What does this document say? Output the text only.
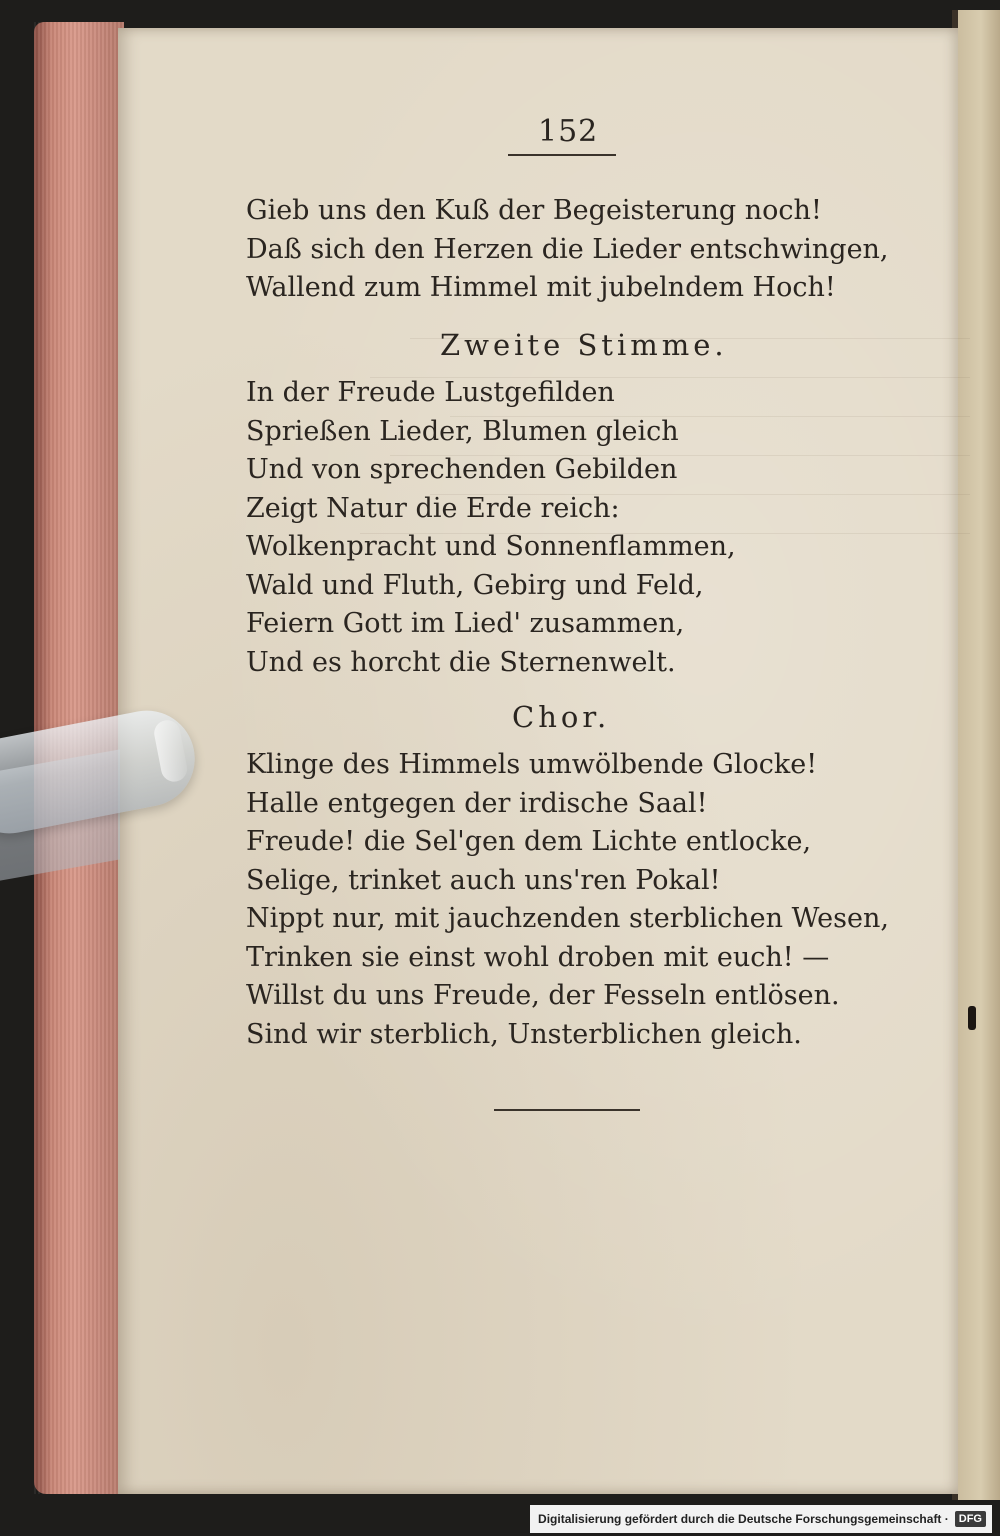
152
Gieb uns den Kuß der Begeisterung noch!
Daß sich den Herzen die Lieder entschwingen,
Wallend zum Himmel mit jubelndem Hoch!
Zweite Stimme.
In der Freude Lustgefilden
Sprießen Lieder, Blumen gleich
Und von sprechenden Gebilden
Zeigt Natur die Erde reich:
Wolkenpracht und Sonnenflammen,
Wald und Fluth, Gebirg und Feld,
Feiern Gott im Lied' zusammen,
Und es horcht die Sternenwelt.
Chor.
Klinge des Himmels umwölbende Glocke!
Halle entgegen der irdische Saal!
Freude! die Sel'gen dem Lichte entlocke,
Selige, trinket auch uns'ren Pokal!
Nippt nur, mit jauchzenden sterblichen Wesen,
Trinken sie einst wohl droben mit euch! —
Willst du uns Freude, der Fesseln entlösen.
Sind wir sterblich, Unsterblichen gleich.
Digitalisierung gefördert durch die Deutsche Forschungsgemeinschaft · DFG
